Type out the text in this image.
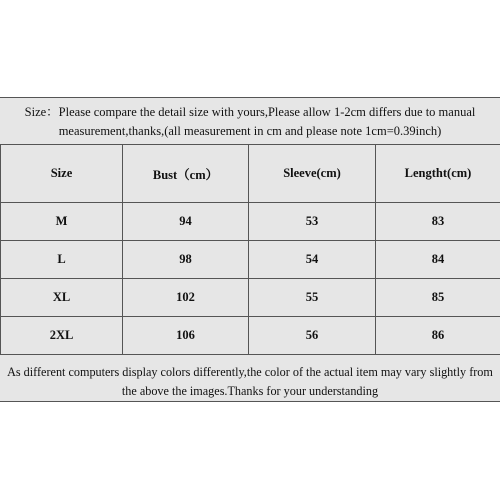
Size：Please compare the detail size with yours,Please allow 1-2cm differs due to manual
measurement,thanks,(all measurement in cm and please note 1cm=0.39inch)
Size	Bust（cm）	Sleeve(cm)	Lengtht(cm)
M	94	53	83
L	98	54	84
XL	102	55	85
2XL	106	56	86
As different computers display colors differently,the color of the actual item may vary slightly from
the above the images.Thanks for your understanding
